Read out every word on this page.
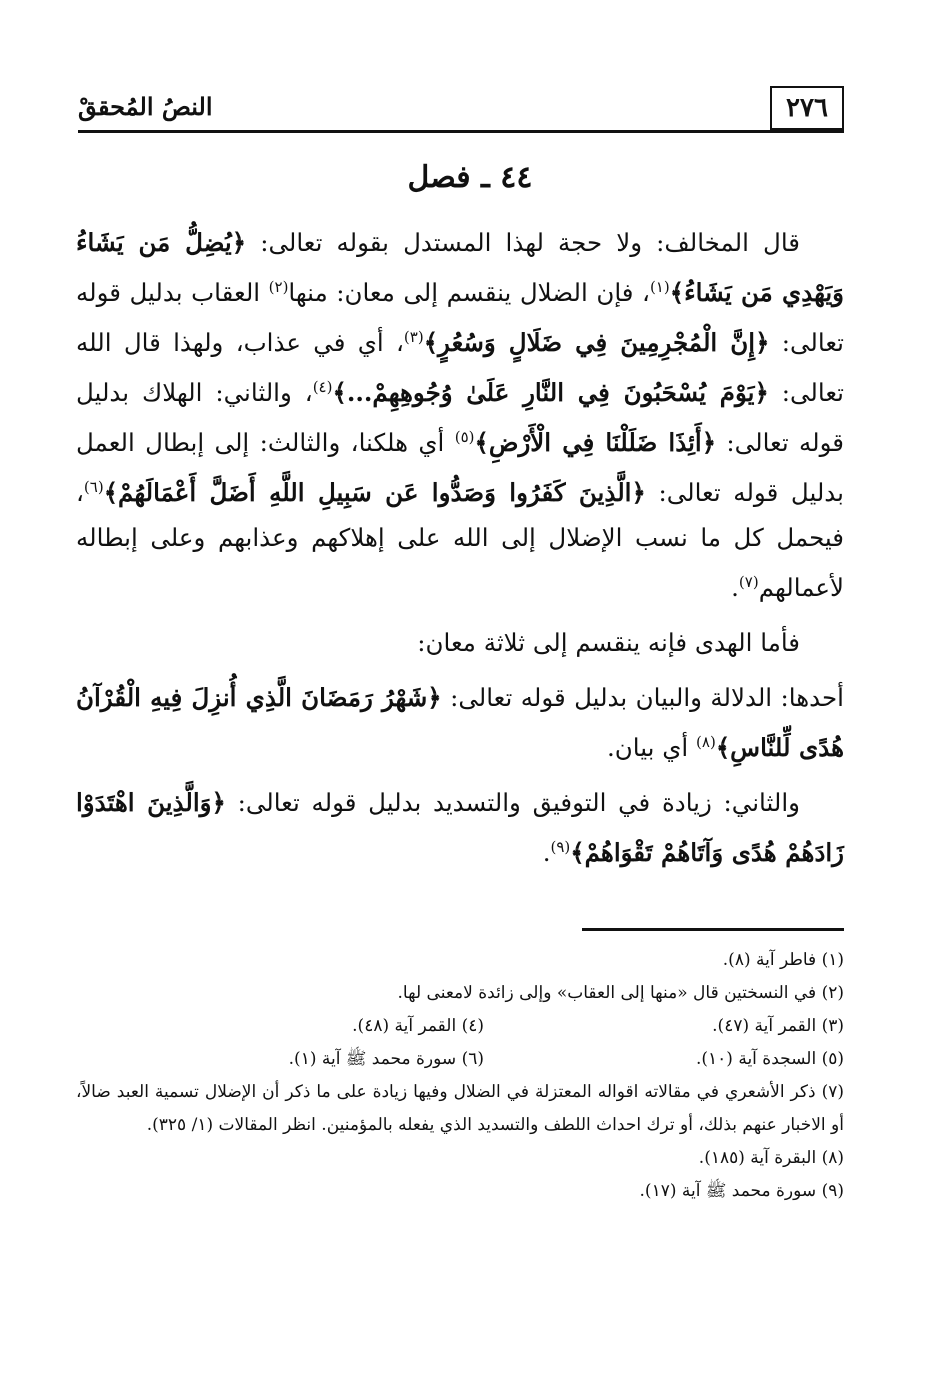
٢٧٦
النصُ المُحققْ
٤٤ ـ فصل

قال المخالف: ولا حجة لهذا المستدل بقوله تعالى: ﴿يُضِلُّ مَن يَشَاءُ وَيَهْدِي مَن يَشَاءُ﴾$^{(١)}$، فإن الضلال ينقسم إلى معان: منها$^{(٢)}$ العقاب بدليل قوله تعالى: ﴿إِنَّ الْمُجْرِمِينَ فِي ضَلَالٍ وَسُعُرٍ﴾$^{(٣)}$، أي في عذاب، ولهذا قال الله تعالى: ﴿يَوْمَ يُسْحَبُونَ فِي النَّارِ عَلَىٰ وُجُوهِهِمْ...﴾$^{(٤)}$، والثاني: الهلاك بدليل قوله تعالى: ﴿أَئِذَا ضَلَلْنَا فِي الْأَرْضِ﴾$^{(٥)}$ أي هلكنا، والثالث: إلى إبطال العمل بدليل قوله تعالى: ﴿الَّذِينَ كَفَرُوا وَصَدُّوا عَن سَبِيلِ اللَّهِ أَضَلَّ أَعْمَالَهُمْ﴾$^{(٦)}$، فيحمل كل ما نسب الإضلال إلى الله على إهلاكهم وعذابهم وعلى إبطاله لأعمالهم$^{(٧)}$.

فأما الهدى فإنه ينقسم إلى ثلاثة معان:

أحدها: الدلالة والبيان بدليل قوله تعالى: ﴿شَهْرُ رَمَضَانَ الَّذِي أُنزِلَ فِيهِ الْقُرْآنُ هُدًى لِّلنَّاسِ﴾$^{(٨)}$ أي بيان.

والثاني: زيادة في التوفيق والتسديد بدليل قوله تعالى: ﴿وَالَّذِينَ اهْتَدَوْا زَادَهُمْ هُدًى وَآتَاهُمْ تَقْوَاهُمْ﴾$^{(٩)}$.

(١) فاطر آية (٨).
(٢) في النسختين قال «منها إلى العقاب» وإلى زائدة لامعنى لها.
(٣) القمر آية (٤٧).
(٤) القمر آية (٤٨).
(٥) السجدة آية (١٠).
(٦) سورة محمد ﷺ آية (١).
(٧) ذكر الأشعري في مقالاته اقواله المعتزلة في الضلال وفيها زيادة على ما ذكر أن الإضلال تسمية العبد ضالاً، أو الاخبار عنهم بذلك، أو ترك احداث اللطف والتسديد الذي يفعله بالمؤمنين. انظر المقالات (١/ ٣٢٥).
(٨) البقرة آية (١٨٥).
(٩) سورة محمد ﷺ آية (١٧).
